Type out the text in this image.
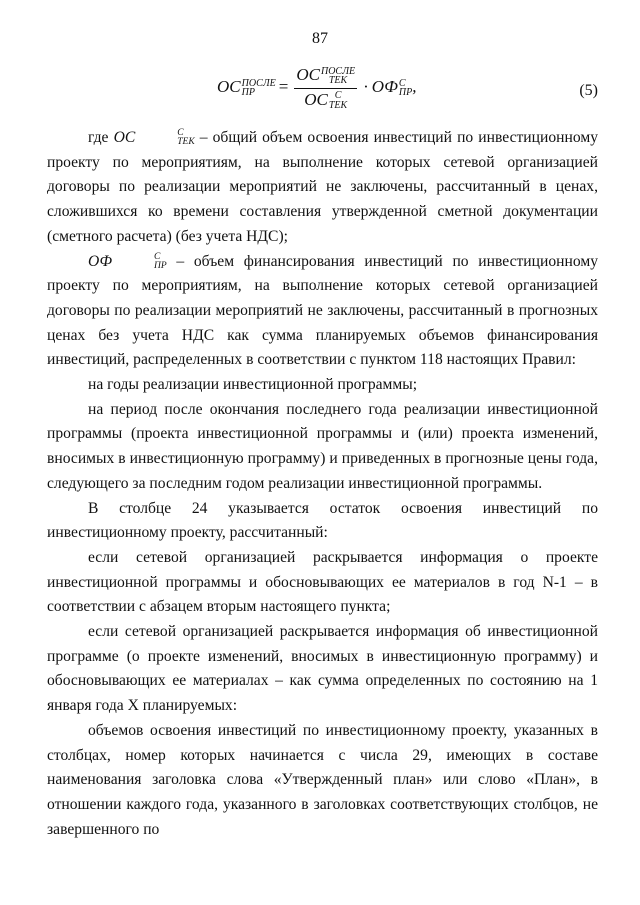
87
ОС ПОСЛЕ
ПР	= ОС ПОСЛЕ
ТЕК
ОС С
ТЕК · ОФ С
ПР ,	(5)

где ОС	С
ТЕК – общий объем освоения инвестиций по инвестиционному проекту по мероприятиям, на выполнение которых сетевой организацией договоры по реализации мероприятий не заключены, рассчитанный в ценах, сложившихся ко времени составления утвержденной сметной документации (сметного расчета) (без учета НДС);

ОФ	С
ПР – объем финансирования инвестиций по инвестиционному проекту по мероприятиям, на выполнение которых сетевой организацией договоры по реализации мероприятий не заключены, рассчитанный в прогнозных ценах без учета НДС как сумма планируемых объемов финансирования инвестиций, распределенных в соответствии с пунктом 118 настоящих Правил:

на годы реализации инвестиционной программы;

на период после окончания последнего года реализации инвестиционной программы (проекта инвестиционной программы и (или) проекта изменений, вносимых в инвестиционную программу) и приведенных в прогнозные цены года, следующего за последним годом реализации инвестиционной программы.

В столбце 24 указывается остаток освоения инвестиций по инвестиционному проекту, рассчитанный:

если сетевой организацией раскрывается информация о проекте инвестиционной программы и обосновывающих ее материалов в год N-1 – в соответствии с абзацем вторым настоящего пункта;

если сетевой организацией раскрывается информация об инвестиционной программе (о проекте изменений, вносимых в инвестиционную программу) и обосновывающих ее материалах – как сумма определенных по состоянию на 1 января года X планируемых:

объемов освоения инвестиций по инвестиционному проекту, указанных в столбцах, номер которых начинается с числа 29, имеющих в составе наименования заголовка слова «Утвержденный план» или слово «План», в отношении каждого года, указанного в заголовках соответствующих столбцов, не завершенного по
